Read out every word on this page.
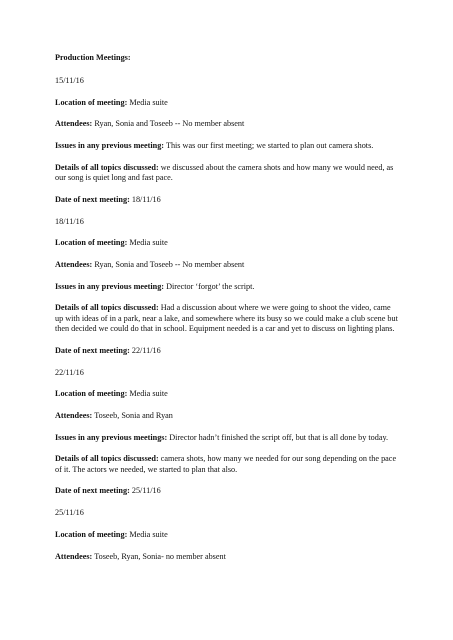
Production Meetings:
15/11/16
Location of meeting: Media suite
Attendees: Ryan, Sonia and Toseeb -- No member absent
Issues in any previous meeting: This was our first meeting; we started to plan out camera shots.
Details of all topics discussed: we discussed about the camera shots and how many we would need, as our song is quiet long and fast pace.
Date of next meeting: 18/11/16
18/11/16
Location of meeting: Media suite
Attendees: Ryan, Sonia and Toseeb -- No member absent
Issues in any previous meeting: Director ‘forgot’ the script.
Details of all topics discussed: Had a discussion about where we were going to shoot the video, came up with ideas of in a park, near a lake, and somewhere where its busy so we could make a club scene but then decided we could do that in school. Equipment needed is a car and yet to discuss on lighting plans.
Date of next meeting: 22/11/16
22/11/16
Location of meeting: Media suite
Attendees: Toseeb, Sonia and Ryan
Issues in any previous meetings: Director hadn’t finished the script off, but that is all done by today.
Details of all topics discussed: camera shots, how many we needed for our song depending on the pace of it. The actors we needed, we started to plan that also.
Date of next meeting: 25/11/16
25/11/16
Location of meeting: Media suite
Attendees: Toseeb, Ryan, Sonia- no member absent
